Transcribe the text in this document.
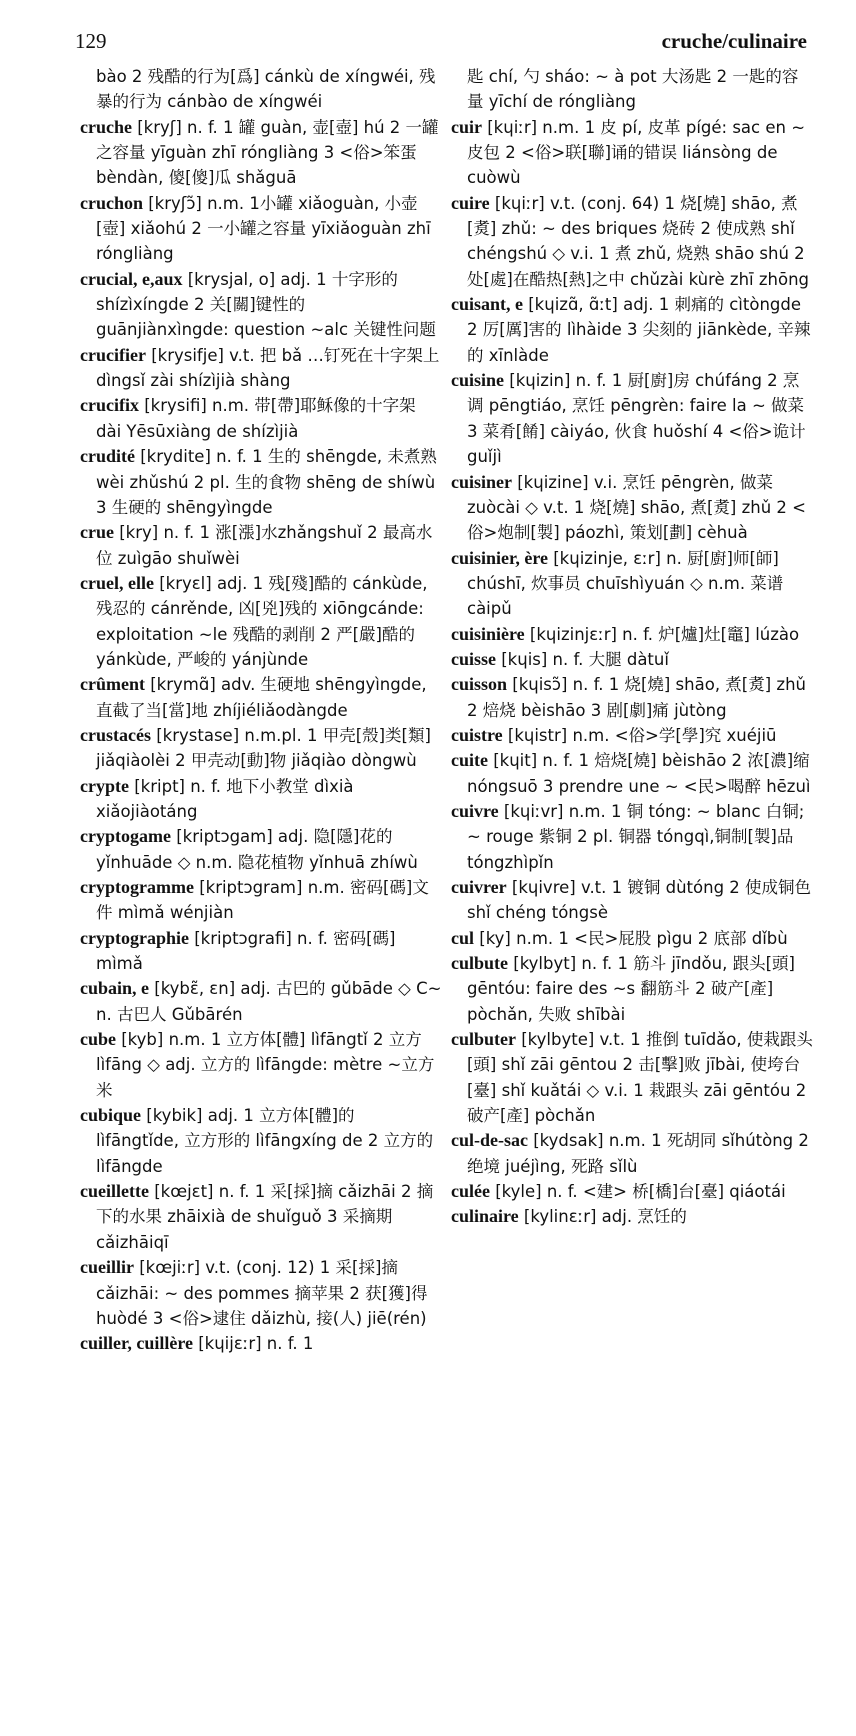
129	cruche/culinaire

bào 2 残酷的行为[爲] cánkù de xíngwéi, 残暴的行为 cánbào de xíngwéi

cruche [kryʃ] n. f. 1 罐 guàn, 壶[壺] hú 2 一罐之容量 yīguàn zhī róngliàng 3 <俗>笨蛋 bèndàn, 傻[傻]瓜 shǎguā

cruchon [kryʃɔ̃] n.m. 1小罐 xiǎoguàn, 小壶[壺] xiǎohú 2 一小罐之容量 yīxiǎoguàn zhī róngliàng

crucial, e,aux [krysjal, o] adj. 1 十字形的 shízìxíngde 2 关[關]键性的 guānjiànxìngde: question ~alc 关键性问题

crucifier [krysifje] v.t. 把 bǎ …钉死在十字架上 dìngsǐ zài shízìjià shàng

crucifix [krysifi] n.m. 带[帶]耶稣像的十字架 dài Yēsūxiàng de shízìjià

crudité [krydite] n. f. 1 生的 shēngde, 未煮熟 wèi zhǔshú 2 pl. 生的食物 shēng de shíwù 3 生硬的 shēngyìngde

crue [kry] n. f. 1 涨[漲]水zhǎngshuǐ 2 最高水位 zuìgāo shuǐwèi

cruel, elle [kryɛl] adj. 1 残[殘]酷的 cánkùde, 残忍的 cánrěnde, 凶[兇]残的 xiōngcánde: exploitation ~le 残酷的剥削 2 严[嚴]酷的 yánkùde, 严峻的 yánjùnde

crûment [krymɑ̃] adv. 生硬地 shēngyìngde, 直截了当[當]地 zhíjiéliǎodàngde

crustacés [krystase] n.m.pl. 1 甲壳[殼]类[類] jiǎqiàolèi 2 甲壳动[動]物 jiǎqiào dòngwù

crypte [kript] n. f. 地下小教堂 dìxià xiǎojiàotáng

cryptogame [kriptɔgam] adj. 隐[隱]花的 yǐnhuāde ◇ n.m. 隐花植物 yǐnhuā zhíwù

cryptogramme [kriptɔgram] n.m. 密码[碼]文件 mìmǎ wénjiàn

cryptographie [kriptɔgrafi] n. f. 密码[碼] mìmǎ

cubain, e [kybɛ̃, ɛn] adj. 古巴的 gǔbāde ◇ C~ n. 古巴人 Gǔbārén

cube [kyb] n.m. 1 立方体[體] lìfāngtǐ 2 立方 lìfāng ◇ adj. 立方的 lìfāngde: mètre ~立方米

cubique [kybik] adj. 1 立方体[體]的 lìfāngtǐde, 立方形的 lìfāngxíng de 2 立方的 lìfāngde

cueillette [kœjɛt] n. f. 1 采[採]摘 cǎizhāi 2 摘下的水果 zhāixià de shuǐguǒ 3 采摘期 cǎizhāiqī

cueillir [kœjiːr] v.t. (conj. 12) 1 采[採]摘 cǎizhāi: ~ des pommes 摘苹果 2 获[獲]得 huòdé 3 <俗>逮住 dǎizhù, 接(人) jiē(rén)

cuiller, cuillère [kɥijɛːr] n. f. 1

匙 chí, 勺 sháo: ~ à pot 大汤匙 2 一匙的容量 yīchí de róngliàng

cuir [kɥiːr] n.m. 1 皮 pí, 皮革 pígé: sac en ~ 皮包 2 <俗>联[聯]诵的错误 liánsòng de cuòwù

cuire [kɥiːr] v.t. (conj. 64) 1 烧[燒] shāo, 煮[煑] zhǔ: ~ des briques 烧砖 2 使成熟 shǐ chéngshú ◇ v.i. 1 煮 zhǔ, 烧熟 shāo shú 2 处[處]在酷热[熱]之中 chǔzài kùrè zhī zhōng

cuisant, e [kɥizɑ̃, ɑ̃ːt] adj. 1 刺痛的 cìtòngde 2 厉[厲]害的 lìhàide 3 尖刻的 jiānkède, 辛辣的 xīnlàde

cuisine [kɥizin] n. f. 1 厨[廚]房 chúfáng 2 烹调 pēngtiáo, 烹饪 pēngrèn: faire la ~ 做菜 3 菜肴[餚] càiyáo, 伙食 huǒshí 4 <俗>诡计 guǐjì

cuisiner [kɥizine] v.i. 烹饪 pēngrèn, 做菜 zuòcài ◇ v.t. 1 烧[燒] shāo, 煮[煑] zhǔ 2 <俗>炮制[製] páozhì, 策划[劃] cèhuà

cuisinier, ère [kɥizinje, ɛːr] n. 厨[廚]师[師] chúshī, 炊事员 chuīshìyuán ◇ n.m. 菜谱 càipǔ

cuisinière [kɥizinjɛːr] n. f. 炉[爐]灶[竈] lúzào

cuisse [kɥis] n. f. 大腿 dàtuǐ

cuisson [kɥisɔ̃] n. f. 1 烧[燒] shāo, 煮[煑] zhǔ 2 焙烧 bèishāo 3 剧[劇]痛 jùtòng

cuistre [kɥistr] n.m. <俗>学[學]究 xuéjiū

cuite [kɥit] n. f. 1 焙烧[燒] bèishāo 2 浓[濃]缩 nóngsuō 3 prendre une ~ <民>喝醉 hēzuì

cuivre [kɥiːvr] n.m. 1 铜 tóng: ~ blanc 白铜; ~ rouge 紫铜 2 pl. 铜器 tóngqì,铜制[製]品 tóngzhìpǐn

cuivrer [kɥivre] v.t. 1 镀铜 dùtóng 2 使成铜色 shǐ chéng tóngsè

cul [ky] n.m. 1 <民>屁股 pìgu 2 底部 dǐbù

culbute [kylbyt] n. f. 1 筋斗 jīndǒu, 跟头[頭] gēntóu: faire des ~s 翻筋斗 2 破产[產] pòchǎn, 失败 shībài

culbuter [kylbyte] v.t. 1 推倒 tuīdǎo, 使栽跟头[頭] shǐ zāi gēntou 2 击[擊]败 jībài, 使垮台[臺] shǐ kuǎtái ◇ v.i. 1 栽跟头 zāi gēntóu 2 破产[產] pòchǎn

cul-de-sac [kydsak] n.m. 1 死胡同 sǐhútòng 2 绝境 juéjìng, 死路 sǐlù

culée [kyle] n. f. <建> 桥[橋]台[臺] qiáotái

culinaire [kylinɛːr] adj. 烹饪的
